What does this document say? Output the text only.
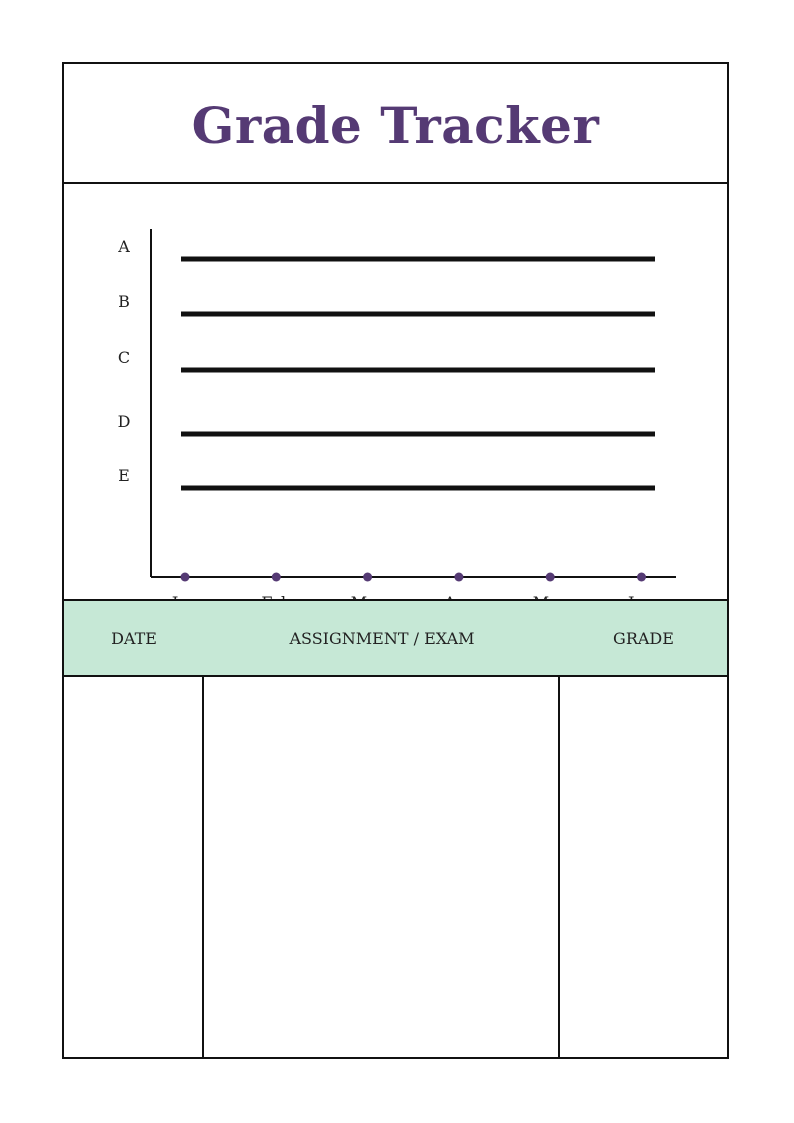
Grade Tracker
A
B
C
D
E
DATE	ASSIGNMENT / EXAM	GRADE
